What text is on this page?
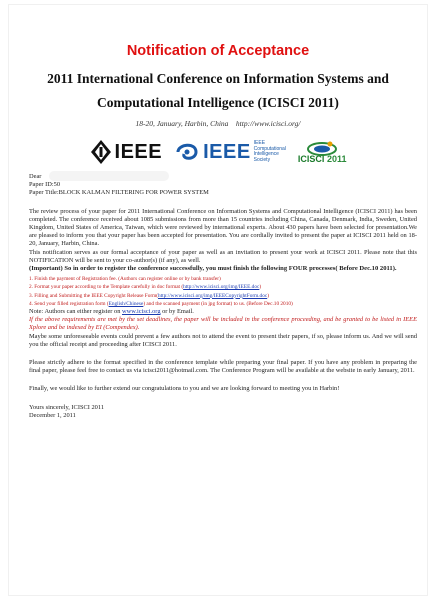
Notification of Acceptance

2011 International Conference on Information Systems and
Computational Intelligence (ICISCI 2011)
18-20, January, Harbin, China http://www.icisci.org/
IEEE IEEE IEEE
Computational
Intelligence
Society	ICISCI 2011

Dear

Paper ID:50

Paper Title:BLOCK KALMAN FILTERING FOR POWER SYSTEM

The review process of your paper for 2011 International Conference on Information Systems and Computational Intelligence (ICISCI 2011) has been completed. The conference received about 1085 submissions from more than 15 countries including China, Canada, Denmark, India, Sweden, United Kingdom, United States of America, Taiwan, which were reviewed by international experts. About 430 papers have been selected for presentation.We are pleased to inform you that your paper has been accepted for presentation. You are cordially invited to present the paper at ICISCI 2011 held on 18-20, January, Harbin, China.

This notification serves as our formal acceptance of your paper as well as an invitation to present your work at ICISCI 2011. Please note that this NOTIFICATION will be sent to your co-author(s) (if any), as well.

(Important) So in order to register the conference successfully, you must finish the following FOUR processes( Before Dec.10 2011).

1. Finish the payment of Registration fee. (Authors can register online or by bank transfer)

2. Format your paper according to the Template carefully in doc format (http://www.icisci.org/img/IEEE.doc)

3. Filling and Submitting the IEEE Copyright Release Form(http://www.icisci.org/img/IEEECopyrightForm.doc)

4. Send your filled registration form (English/Chinese) and the scanned payment (in jpg format) to us. (Before Dec.10 2010)

Note: Authors can either register on www.icisci.org or by Email.

If the above requirements are met by the set deadlines, the paper will be included in the conference proceeding, and be granted to be listed in IEEE Xplore and be indexed by EI (Compendex).

Maybe some unforeseeable events could prevent a few authors not to attend the event to present their papers, if so, please inform us. And we will send you the official receipt and proceeding after ICISCI 2011.

Please strictly adhere to the format specified in the conference template while preparing your final paper. If you have any problem in preparing the final paper, please feel free to contact us via icisci2011@hotmail.com. The Conference Program will be available at the website in early January, 2011.

Finally, we would like to further extend our congratulations to you and we are looking forward to meeting you in Harbin!

Yours sincerely, ICISCI 2011

December 1, 2011
